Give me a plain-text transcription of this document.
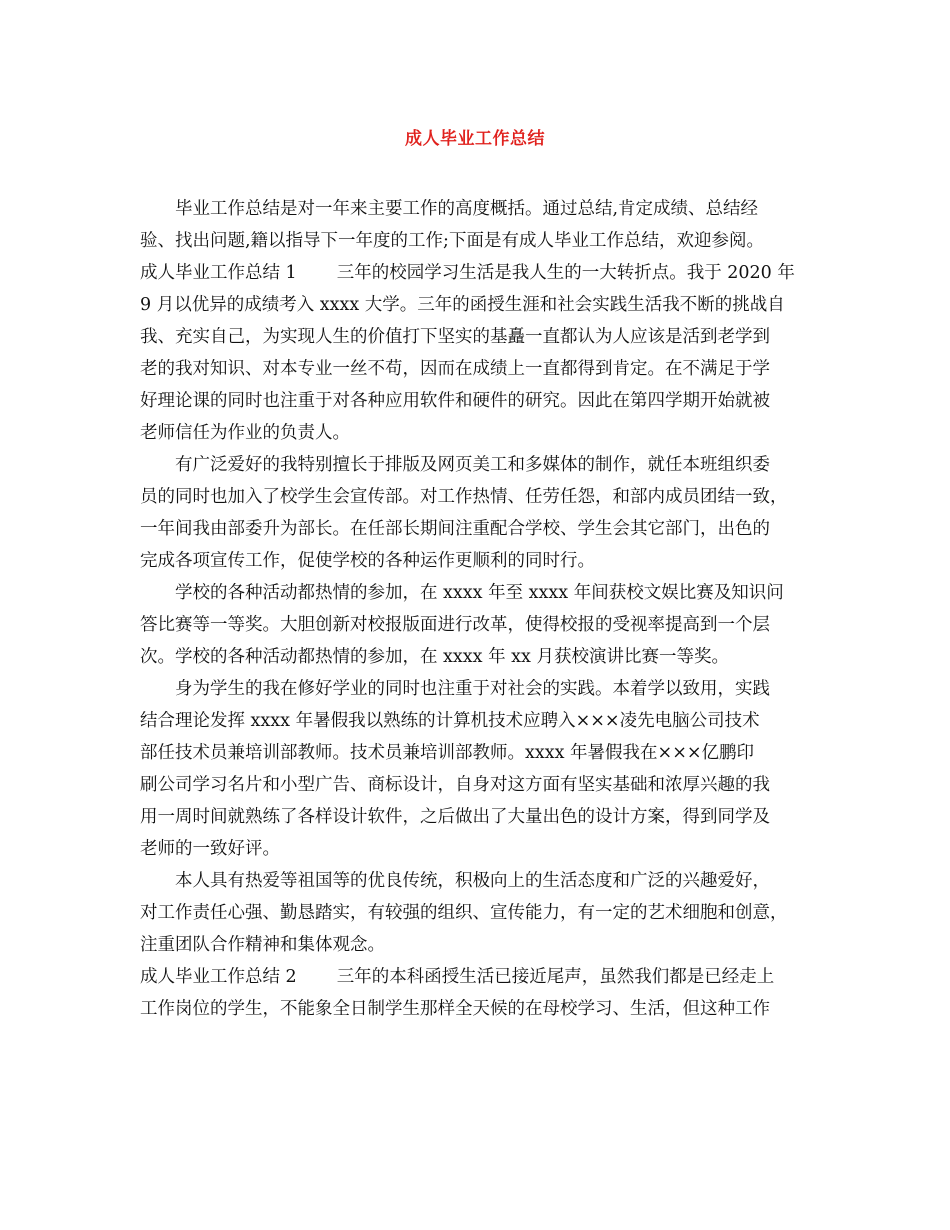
成人毕业工作总结
毕业工作总结是对一年来主要工作的高度概括。通过总结,肯定成绩、总结经
验、找出问题,籍以指导下一年度的工作;下面是有成人毕业工作总结，欢迎参阅。
成人毕业工作总结 1 三年的校园学习生活是我人生的一大转折点。我于 2020 年
9 月以优异的成绩考入 xxxx 大学。三年的函授生涯和社会实践生活我不断的挑战自
我、充实自己，为实现人生的价值打下坚实的基矗一直都认为人应该是活到老学到
老的我对知识、对本专业一丝不苟，因而在成绩上一直都得到肯定。在不满足于学
好理论课的同时也注重于对各种应用软件和硬件的研究。因此在第四学期开始就被
老师信任为作业的负责人。
有广泛爱好的我特别擅长于排版及网页美工和多媒体的制作，就任本班组织委
员的同时也加入了校学生会宣传部。对工作热情、任劳任怨，和部内成员团结一致，
一年间我由部委升为部长。在任部长期间注重配合学校、学生会其它部门，出色的
完成各项宣传工作，促使学校的各种运作更顺利的同时行。
学校的各种活动都热情的参加，在 xxxx 年至 xxxx 年间获校文娱比赛及知识问
答比赛等一等奖。大胆创新对校报版面进行改革，使得校报的受视率提高到一个层
次。学校的各种活动都热情的参加，在 xxxx 年 xx 月获校演讲比赛一等奖。
身为学生的我在修好学业的同时也注重于对社会的实践。本着学以致用，实践
结合理论发挥 xxxx 年暑假我以熟练的计算机技术应聘入×××凌先电脑公司技术
部任技术员兼培训部教师。技术员兼培训部教师。xxxx 年暑假我在×××亿鹏印
刷公司学习名片和小型广告、商标设计，自身对这方面有坚实基础和浓厚兴趣的我
用一周时间就熟练了各样设计软件，之后做出了大量出色的设计方案，得到同学及
老师的一致好评。
本人具有热爱等祖国等的优良传统，积极向上的生活态度和广泛的兴趣爱好，
对工作责任心强、勤恳踏实，有较强的组织、宣传能力，有一定的艺术细胞和创意，
注重团队合作精神和集体观念。
成人毕业工作总结 2 三年的本科函授生活已接近尾声，虽然我们都是已经走上
工作岗位的学生，不能象全日制学生那样全天候的在母校学习、生活，但这种工作
